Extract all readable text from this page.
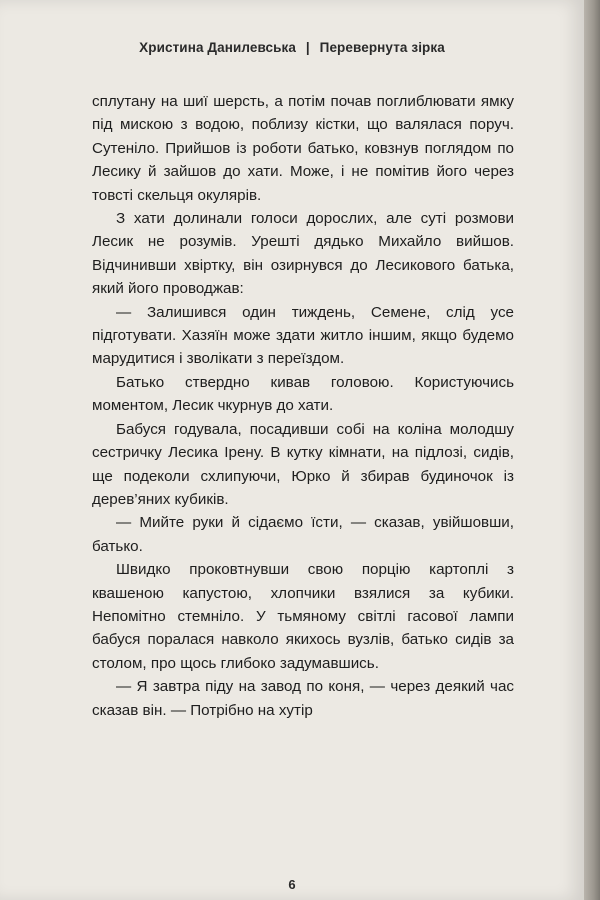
Христина Данилевська | Перевернута зірка

сплутану на шиї шерсть, а потім почав поглиблювати ямку під мискою з водою, поблизу кістки, що валялася поруч. Сутеніло. Прийшов із роботи батько, ковзнув поглядом по Лесику й зайшов до хати. Може, і не помітив його через товсті скельця окулярів.

З хати долинали голоси дорослих, але суті розмови Лесик не розумів. Урешті дядько Михайло вийшов. Відчинивши хвіртку, він озирнувся до Лесикового батька, який його проводжав:

— Залишився один тиждень, Семене, слід усе підготувати. Хазяїн може здати житло іншим, якщо будемо марудитися і зволікати з переїздом.

Батько ствердно кивав головою. Користуючись моментом, Лесик чкурнув до хати.

Бабуся годувала, посадивши собі на коліна молодшу сестричку Лесика Ірену. В кутку кімнати, на підлозі, сидів, ще подеколи схлипуючи, Юрко й збирав будиночок із дерев’яних кубиків.

— Мийте руки й сідаємо їсти, — сказав, увійшовши, батько.

Швидко проковтнувши свою порцію картоплі з квашеною капустою, хлопчики взялися за кубики. Непомітно стемніло. У тьмяному світлі гасової лампи бабуся поралася навколо якихось вузлів, батько сидів за столом, про щось глибоко задумавшись.

— Я завтра піду на завод по коня, — через деякий час сказав він. — Потрібно на хутір

6
